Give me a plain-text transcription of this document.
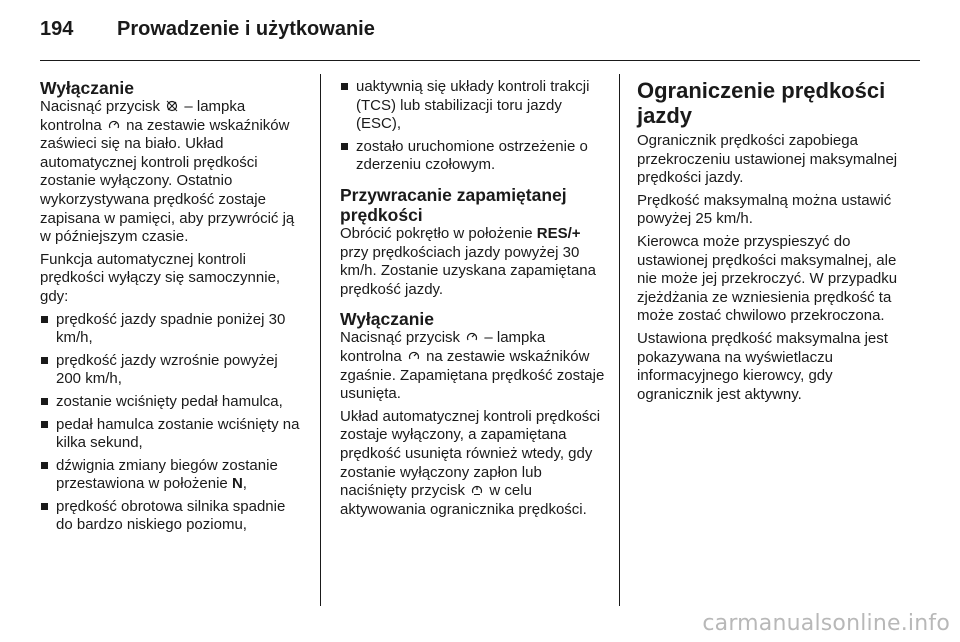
194	Prowadzenie i użytkowanie
Wyłączanie

Nacisnąć przycisk – lampka kontrolna na zestawie wskaźników zaświeci się na biało. Układ automatycznej kontroli prędkości zostanie wyłączony. Ostatnio wykorzystywana prędkość zostaje zapisana w pamięci, aby przywrócić ją w późniejszym czasie.

Funkcja automatycznej kontroli prędkości wyłączy się samoczynnie, gdy:

prędkość jazdy spadnie poniżej 30 km/h,
prędkość jazdy wzrośnie powyżej 200 km/h,
zostanie wciśnięty pedał hamulca,
pedał hamulca zostanie wciśnięty na kilka sekund,
dźwignia zmiany biegów zostanie przestawiona w położenie N,
prędkość obrotowa silnika spadnie do bardzo niskiego poziomu,
uaktywnią się układy kontroli trakcji (TCS) lub stabilizacji toru jazdy (ESC),
zostało uruchomione ostrzeżenie o zderzeniu czołowym.
Przywracanie zapamiętanej prędkości

Obrócić pokrętło w położenie RES/+ przy prędkościach jazdy powyżej 30 km/h. Zostanie uzyskana zapamiętana prędkość jazdy.

Wyłączanie

Nacisnąć przycisk – lampka kontrolna na zestawie wskaźników zgaśnie. Zapamiętana prędkość zostaje usunięta.

Układ automatycznej kontroli prędkości zostaje wyłączony, a zapamiętana prędkość usunięta również wtedy, gdy zostanie wyłączony zapłon lub naciśnięty przycisk w celu aktywowania ogranicznika prędkości.

Ograniczenie prędkości jazdy

Ogranicznik prędkości zapobiega przekroczeniu ustawionej maksymalnej prędkości jazdy.

Prędkość maksymalną można ustawić powyżej 25 km/h.

Kierowca może przyspieszyć do ustawionej prędkości maksymalnej, ale nie może jej przekroczyć. W przypadku zjeżdżania ze wzniesienia prędkość ta może zostać chwilowo przekroczona.

Ustawiona prędkość maksymalna jest pokazywana na wyświetlaczu informacyjnego kierowcy, gdy ogranicznik jest aktywny.

carmanualsonline.info
